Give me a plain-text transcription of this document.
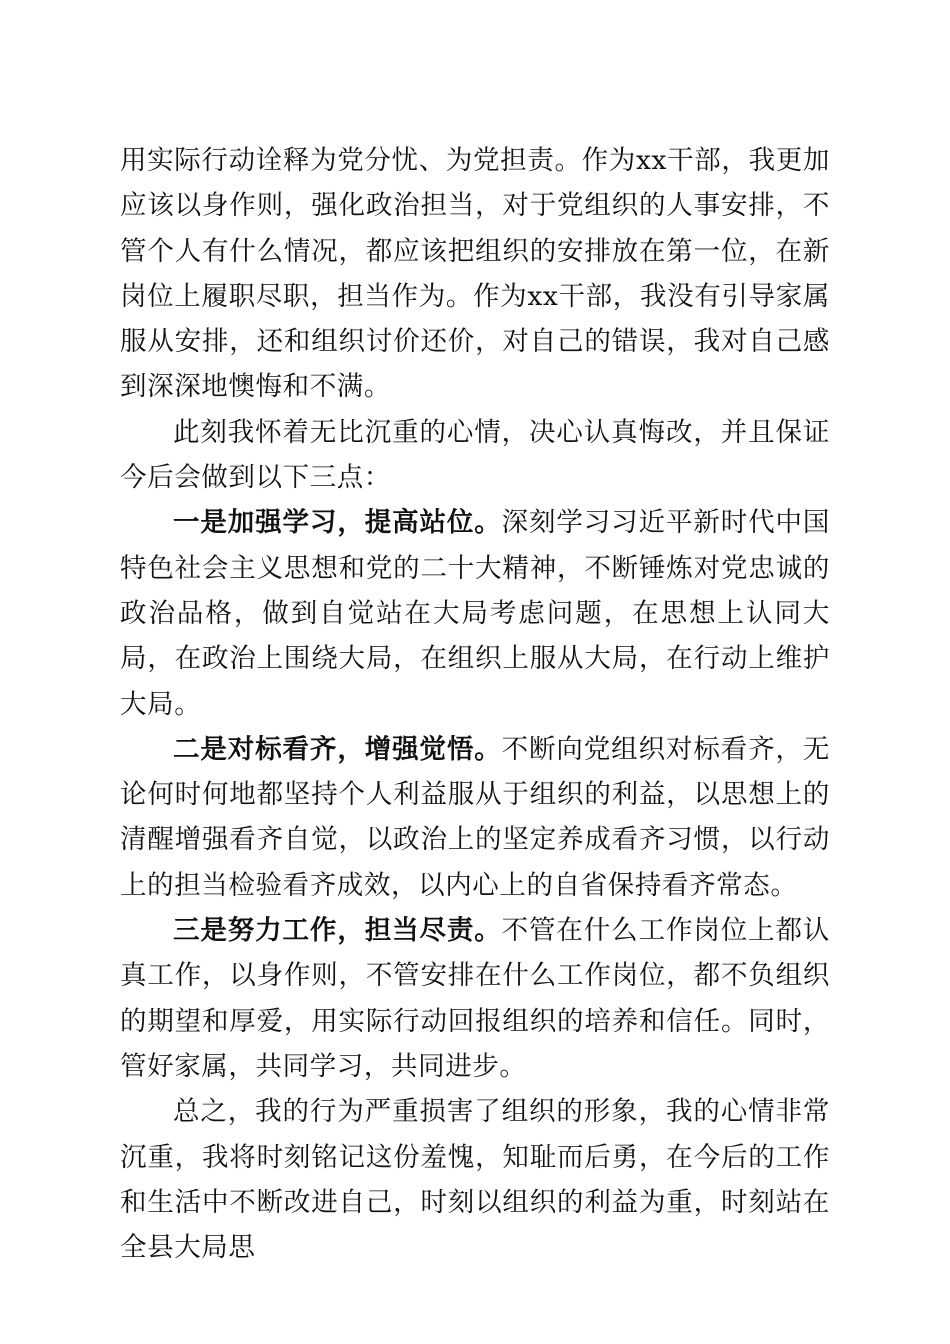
用实际行动诠释为党分忧、为党担责。作为xx干部，我更加应该以身作则，强化政治担当，对于党组织的人事安排，不管个人有什么情况，都应该把组织的安排放在第一位，在新岗位上履职尽职，担当作为。作为xx干部，我没有引导家属服从安排，还和组织讨价还价，对自己的错误，我对自己感到深深地懊悔和不满。

此刻我怀着无比沉重的心情，决心认真悔改，并且保证今后会做到以下三点：

一是加强学习，提高站位。深刻学习习近平新时代中国特色社会主义思想和党的二十大精神，不断锤炼对党忠诚的政治品格，做到自觉站在大局考虑问题，在思想上认同大局，在政治上围绕大局，在组织上服从大局，在行动上维护大局。

二是对标看齐，增强觉悟。不断向党组织对标看齐，无论何时何地都坚持个人利益服从于组织的利益，以思想上的清醒增强看齐自觉，以政治上的坚定养成看齐习惯，以行动上的担当检验看齐成效，以内心上的自省保持看齐常态。

三是努力工作，担当尽责。不管在什么工作岗位上都认真工作，以身作则，不管安排在什么工作岗位，都不负组织的期望和厚爱，用实际行动回报组织的培养和信任。同时，管好家属，共同学习，共同进步。

总之，我的行为严重损害了组织的形象，我的心情非常沉重，我将时刻铭记这份羞愧，知耻而后勇，在今后的工作和生活中不断改进自己，时刻以组织的利益为重，时刻站在全县大局思
